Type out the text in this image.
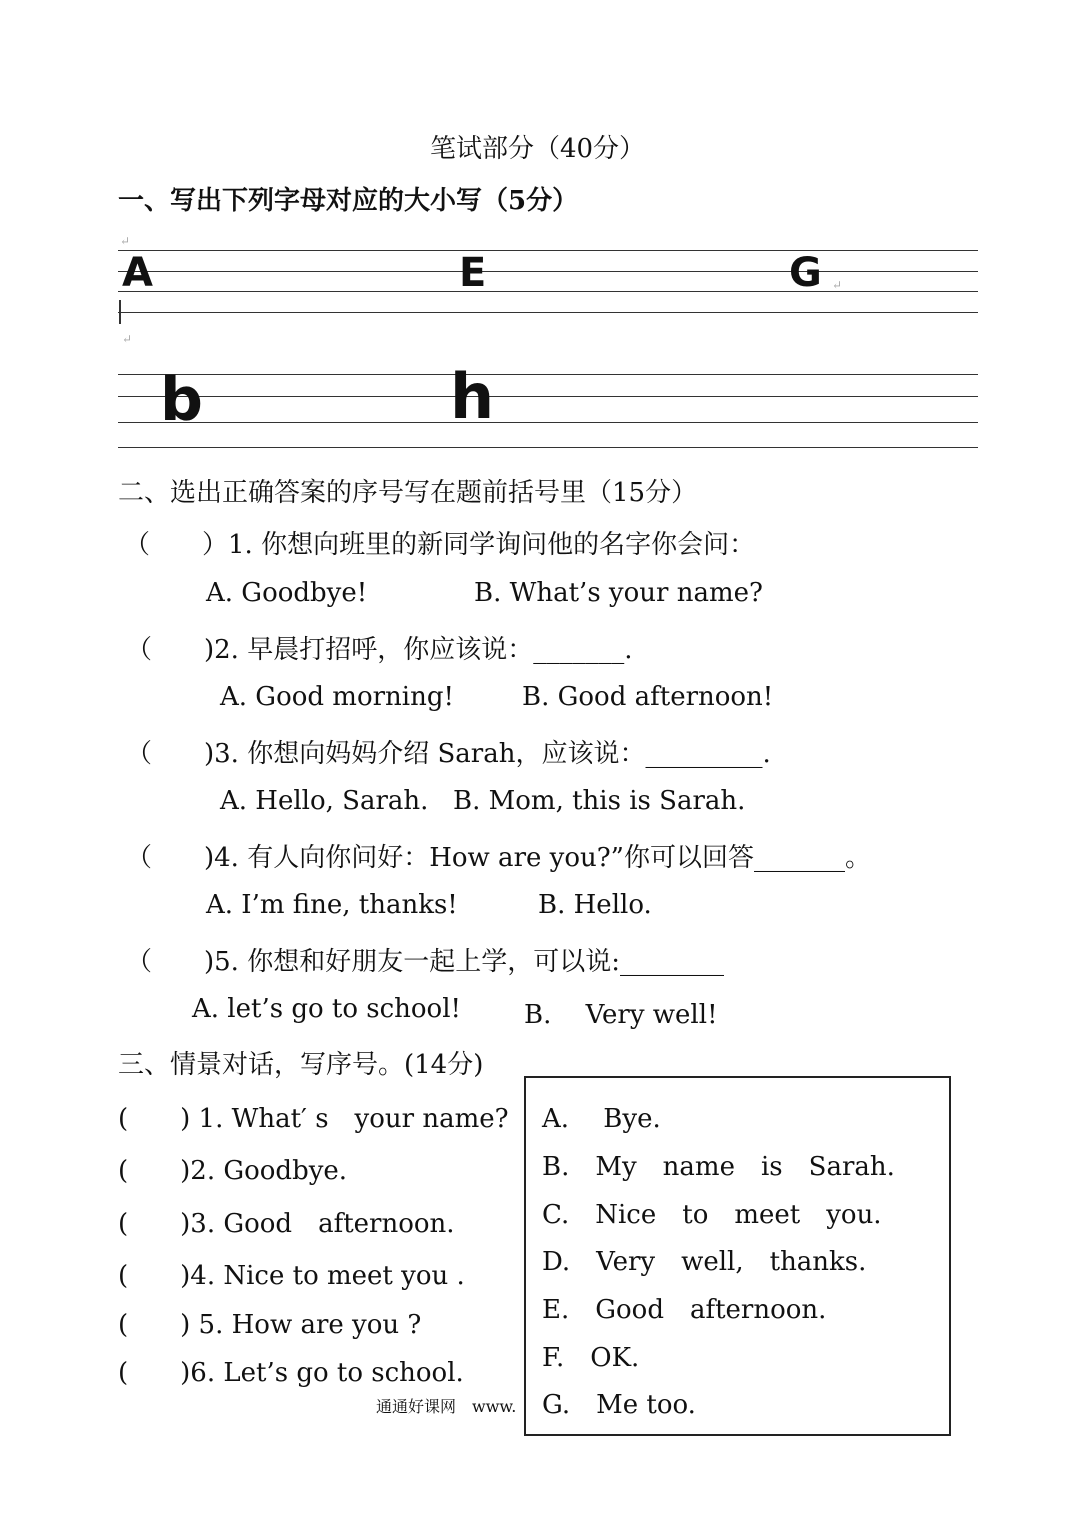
笔试部分（40分）
一、写出下列字母对应的大小写（5分）
↵
A	E	G ↵
↵
b	h
二、选出正确答案的序号写在题前括号里（15分）
（　　）1. 你想向班里的新同学询问他的名字你会问：
A. Goodbye!	B. What’s your name?
（　　)2. 早晨打招呼，你应该说：_______.
A. Good morning!	B. Good afternoon!
（　　)3. 你想向妈妈介绍 Sarah，应该说：_________.
A. Hello, Sarah. B. Mom, this is Sarah.
（　　)4. 有人向你问好：How are you?”你可以回答_______。
A. I’m fine, thanks!	B. Hello.
（　　)5. 你想和好朋友一起上学，可以说:________
A. let’s go to school! B.　 Very well!
三、情景对话，写序号。(14分)
(　　) 1. What′ s　your name?
(　　)2. Goodbye.
(　　)3. Good　afternoon.
(　　)4. Nice to meet you .
(　　) 5. How are you ?
(　　)6. Let’s go to school.
通通好课网　www.
A.　 Bye.
B.　My　name　is　Sarah.
C.　Nice　to　meet　you.
D.　Very　well,　thanks.
E.　Good　afternoon.
F.　OK.
G.　Me too.
